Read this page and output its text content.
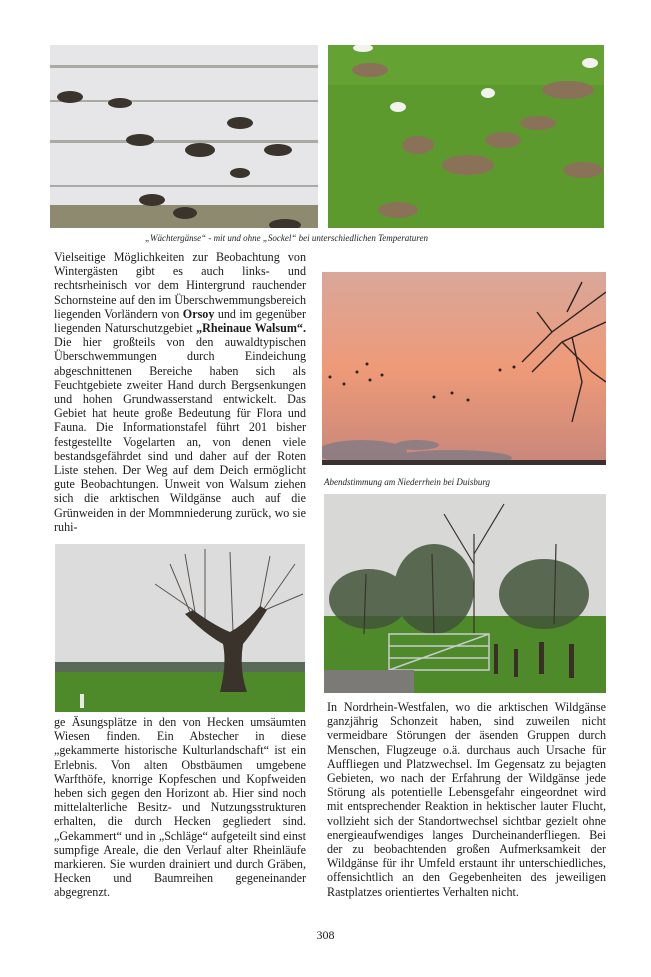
„Wächtergänse“ - mit und ohne „Sockel“ bei unterschiedlichen Temperaturen

Vielseitige Möglichkeiten zur Beobachtung von Wintergästen gibt es auch links- und rechtsrheinisch vor dem Hintergrund rauchender Schornsteine auf den im Überschwemmungsbereich liegenden Vorländern von Orsoy und im gegenüber liegenden Naturschutzgebiet „Rheinaue Walsum“. Die hier großteils von den auwaldtypischen Überschwemmungen durch Eindeichung abgeschnittenen Bereiche haben sich als Feuchtgebiete zweiter Hand durch Bergsenkungen und hohen Grundwasserstand entwickelt. Das Gebiet hat heute große Bedeutung für Flora und Fauna. Die Informationstafel führt 201 bisher festgestellte Vogelarten an, von denen viele bestandsgefährdet sind und daher auf der Roten Liste stehen. Der Weg auf dem Deich ermöglicht gute Beobachtungen. Unweit von Walsum ziehen sich die arktischen Wildgänse auch auf die Grünweiden in der Mommniederung zurück, wo sie ruhi-

Abendstimmung am Niederrhein bei Duisburg

ge Äsungsplätze in den von Hecken umsäumten Wiesen finden. Ein Abstecher in diese „gekammerte historische Kulturlandschaft“ ist ein Erlebnis. Von alten Obstbäumen umgebene Warfthöfe, knorrige Kopfeschen und Kopfweiden heben sich gegen den Horizont ab. Hier sind noch mittelalterliche Besitz- und Nutzungsstrukturen erhalten, die durch Hecken gegliedert sind. „Gekammert“ und in „Schläge“ aufgeteilt sind einst sumpfige Areale, die den Verlauf alter Rheinläufe markieren. Sie wurden drainiert und durch Gräben, Hecken und Baumreihen gegeneinander abgegrenzt.

In Nordrhein-Westfalen, wo die arktischen Wildgänse ganzjährig Schonzeit haben, sind zuweilen nicht vermeidbare Störungen der äsenden Gruppen durch Menschen, Flugzeuge o.ä. durchaus auch Ursache für Auffliegen und Platzwechsel. Im Gegensatz zu bejagten Gebieten, wo nach der Erfahrung der Wildgänse jede Störung als potentielle Lebensgefahr eingeordnet wird mit entsprechender Reaktion in hektischer lauter Flucht, vollzieht sich der Standortwechsel sichtbar gezielt ohne energieaufwendiges langes Durcheinanderfliegen. Bei der zu beobachtenden großen Aufmerksamkeit der Wildgänse für ihr Umfeld erstaunt ihr unterschiedliches, offensichtlich an den Gegebenheiten des jeweiligen Rastplatzes orientiertes Verhalten nicht.

308
